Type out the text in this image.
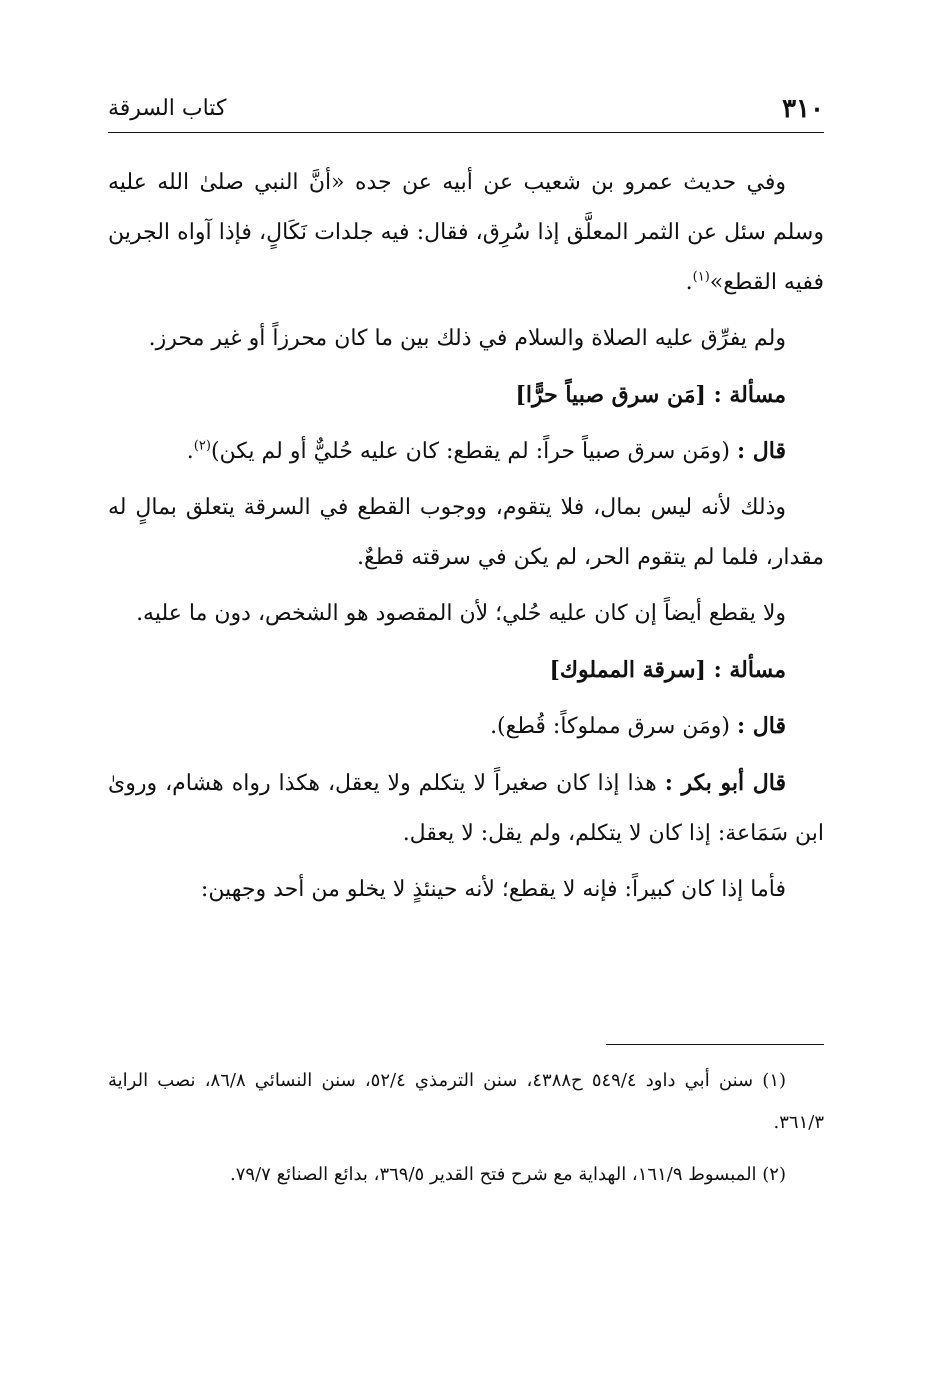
٣١٠
كتاب السرقة

وفي حديث عمرو بن شعيب عن أبيه عن جده «أنَّ النبي صلىٰ الله عليه وسلم سئل عن الثمر المعلَّق إذا سُرِق، فقال: فيه جلدات نَكَالٍ، فإذا آواه الجرين ففيه القطع»$^{(١)}$.

ولم يفرِّق عليه الصلاة والسلام في ذلك بين ما كان محرزاً أو غير محرز.

مسألة : [مَن سرق صبياً حرًّا]

قال : (ومَن سرق صبياً حراً: لم يقطع: كان عليه حُليٌّ أو لم يكن)$^{(٢)}$.

وذلك لأنه ليس بمال، فلا يتقوم، ووجوب القطع في السرقة يتعلق بمالٍ له مقدار، فلما لم يتقوم الحر، لم يكن في سرقته قطعٌ.

ولا يقطع أيضاً إن كان عليه حُلي؛ لأن المقصود هو الشخص، دون ما عليه.

مسألة : [سرقة المملوك]

قال : (ومَن سرق مملوكاً: قُطع).

قال أبو بكر : هذا إذا كان صغيراً لا يتكلم ولا يعقل، هكذا رواه هشام، وروىٰ ابن سَمَاعة: إذا كان لا يتكلم، ولم يقل: لا يعقل.

فأما إذا كان كبيراً: فإنه لا يقطع؛ لأنه حينئذٍ لا يخلو من أحد وجهين:

(١) سنن أبي داود ٥٤٩/٤ ح٤٣٨٨، سنن الترمذي ٥٢/٤، سنن النسائي ٨٦/٨، نصب الراية ٣٦١/٣.

(٢) المبسوط ١٦١/٩، الهداية مع شرح فتح القدير ٣٦٩/٥، بدائع الصنائع ٧٩/٧.
